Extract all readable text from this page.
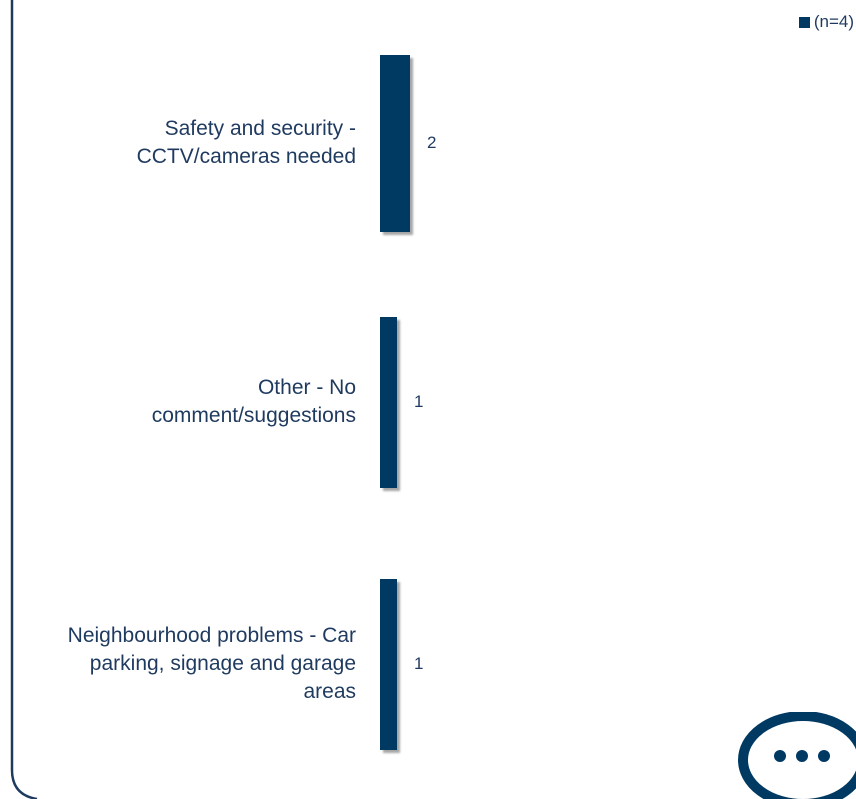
(n=4)
2
Safety and security -
CCTV/cameras needed
1
Other - No
comment/suggestions
1
Neighbourhood problems - Car
parking, signage and garage
areas
